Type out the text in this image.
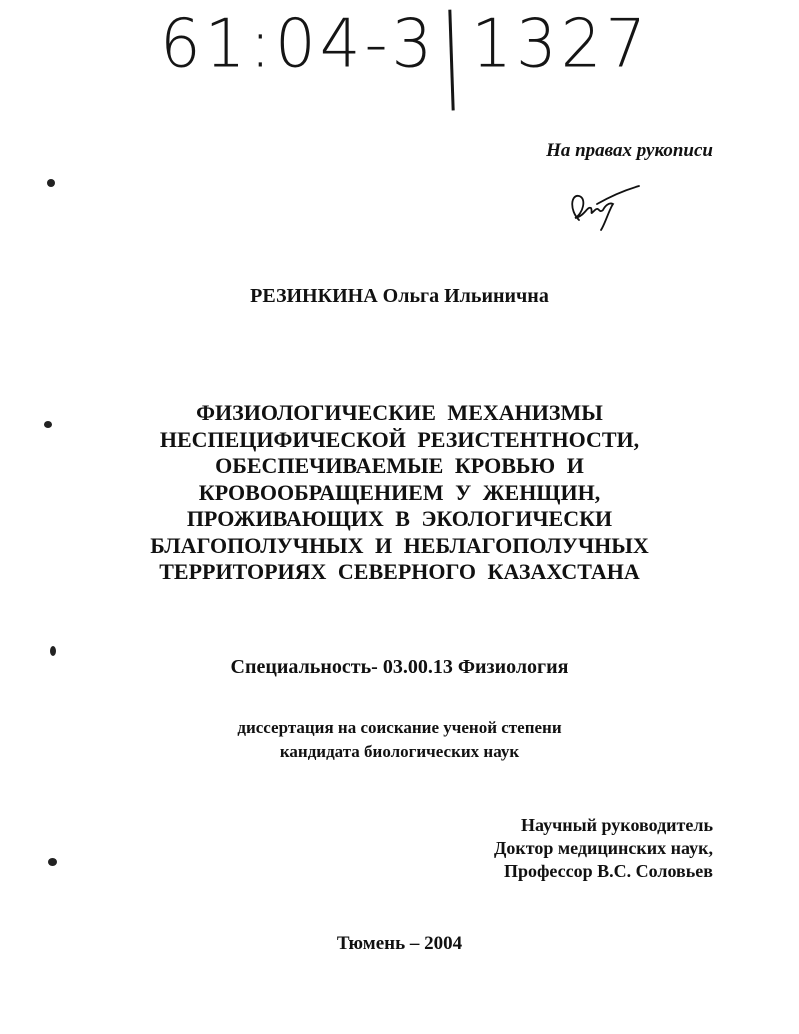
61:04-3 1327
На правах рукописи
РЕЗИНКИНА Ольга Ильинична
ФИЗИОЛОГИЧЕСКИЕ МЕХАНИЗМЫ
НЕСПЕЦИФИЧЕСКОЙ РЕЗИСТЕНТНОСТИ,
ОБЕСПЕЧИВАЕМЫЕ КРОВЬЮ И
КРОВООБРАЩЕНИЕМ У ЖЕНЩИН,
ПРОЖИВАЮЩИХ В ЭКОЛОГИЧЕСКИ
БЛАГОПОЛУЧНЫХ И НЕБЛАГОПОЛУЧНЫХ
ТЕРРИТОРИЯХ СЕВЕРНОГО КАЗАХСТАНА
Специальность- 03.00.13 Физиология
диссертация на соискание ученой степени
кандидата биологических наук
Научный руководитель
Доктор медицинских наук,
Профессор В.С. Соловьев
Тюмень – 2004
